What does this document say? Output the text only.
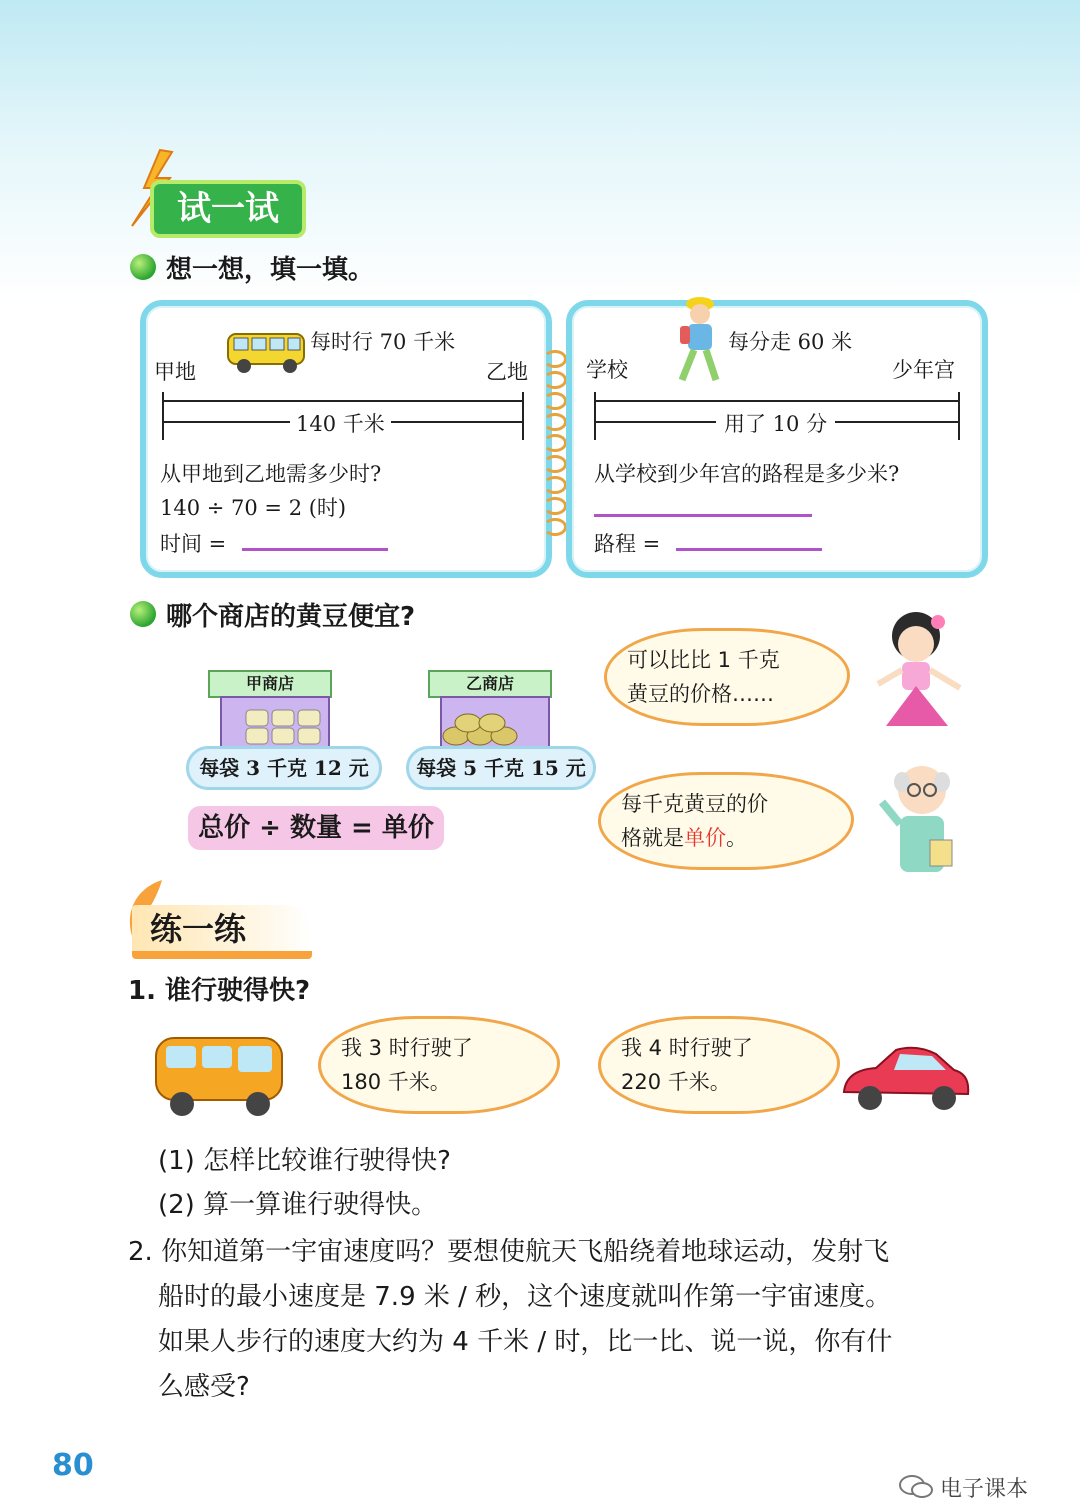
试一试
想一想，填一填。
每时行 70 千米
甲地	乙地
140 千米
从甲地到乙地需多少时?
140 ÷ 70 = 2 (时)
时间 =
每分走 60 米
学校	少年宫
用了 10 分
从学校到少年宫的路程是多少米?
路程 =
哪个商店的黄豆便宜?
甲商店
每袋 3 千克 12 元
乙商店
每袋 5 千克 15 元
总价 ÷ 数量 = 单价
可以比比 1 千克
黄豆的价格……
每千克黄豆的价
格就是单价。
练一练
1. 谁行驶得快?
我 3 时行驶了
180 千米。
我 4 时行驶了
220 千米。
(1) 怎样比较谁行驶得快?
(2) 算一算谁行驶得快。
2. 你知道第一宇宙速度吗？要想使航天飞船绕着地球运动，发射飞
船时的最小速度是 7.9 米 / 秒，这个速度就叫作第一宇宙速度。
如果人步行的速度大约为 4 千米 / 时，比一比、说一说，你有什
么感受?
80
电子课本
